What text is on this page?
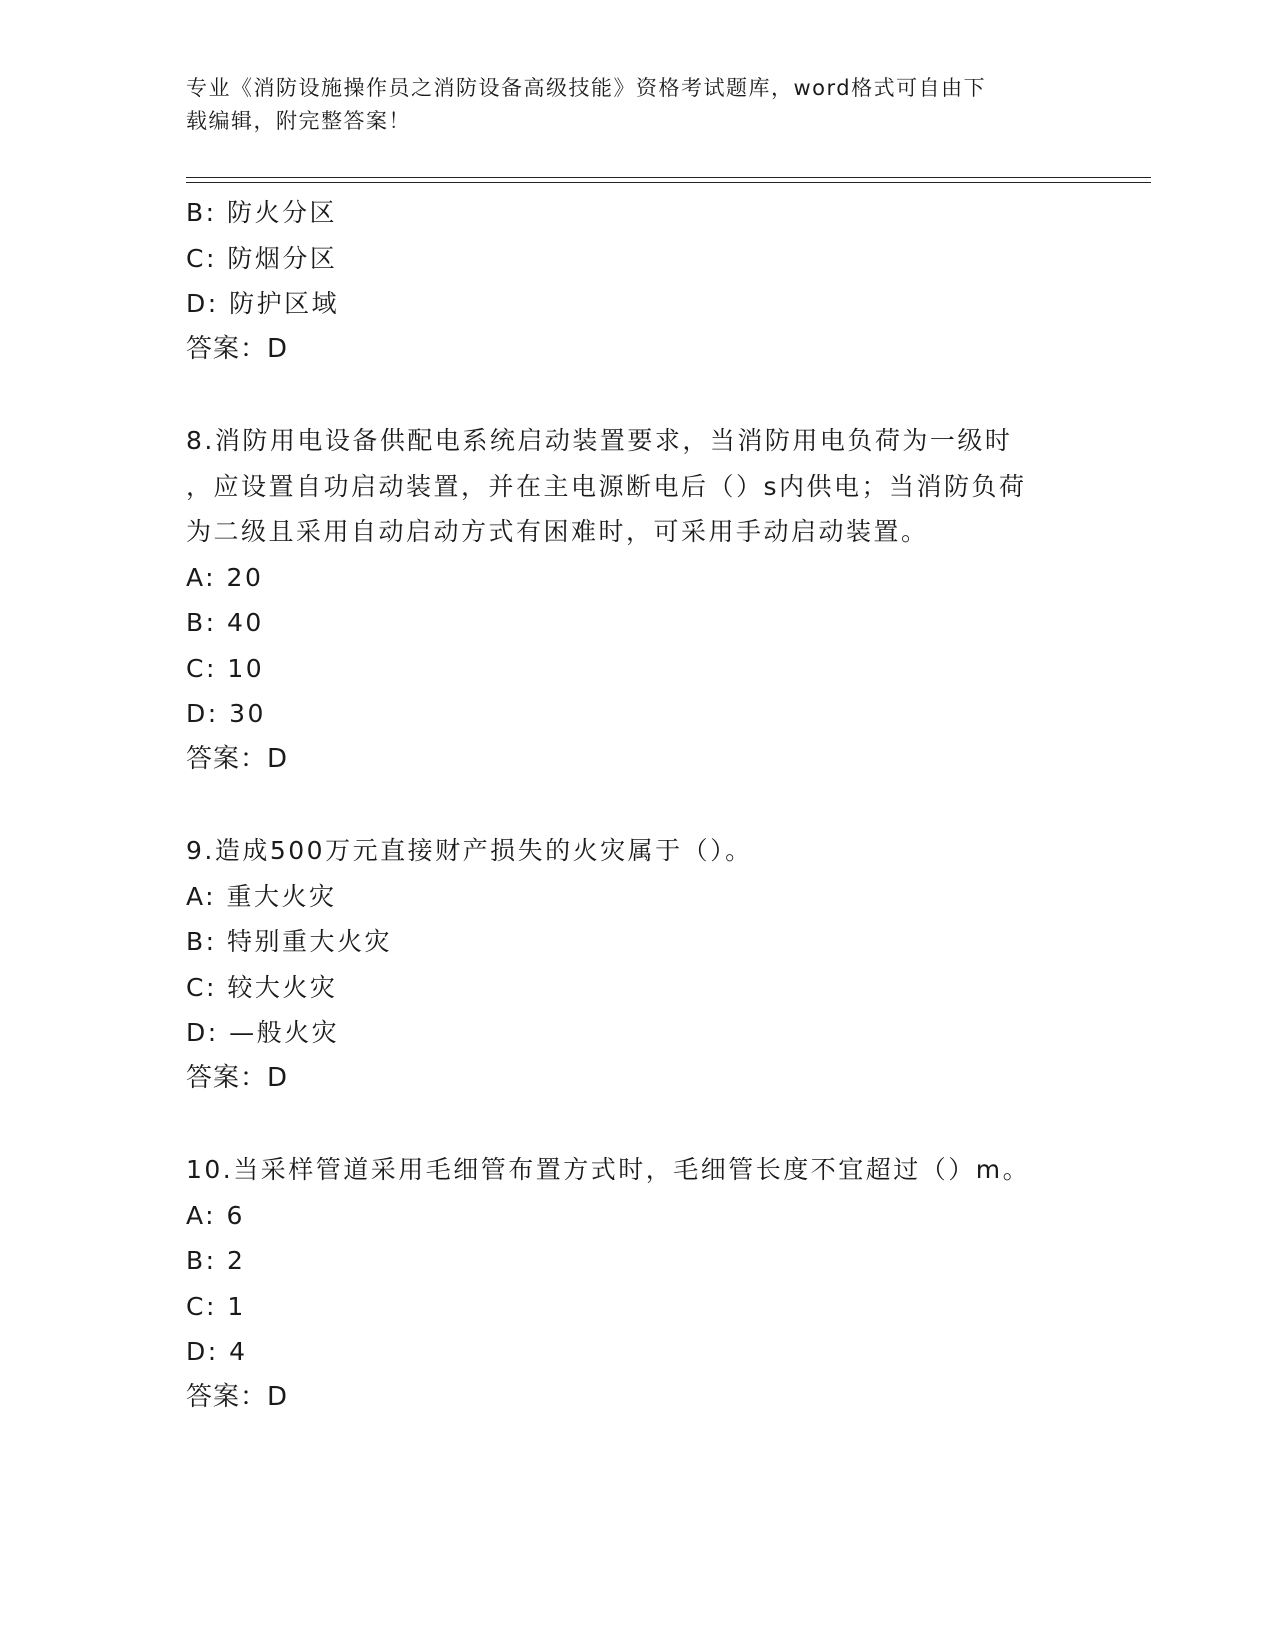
专业《消防设施操作员之消防设备高级技能》资格考试题库，word格式可自由下
载编辑，附完整答案！
B: 防火分区
C: 防烟分区
D: 防护区域
答案：D
8.消防用电设备供配电系统启动装置要求，当消防用电负荷为一级时
，应设置自功启动装置，并在主电源断电后（）s内供电；当消防负荷
为二级且采用自动启动方式有困难时，可采用手动启动装置。
A: 20
B: 40
C: 10
D: 30
答案：D
9.造成500万元直接财产损失的火灾属于（）。
A: 重大火灾
B: 特别重大火灾
C: 较大火灾
D: —般火灾
答案：D
10.当采样管道采用毛细管布置方式时，毛细管长度不宜超过（）m。
A: 6
B: 2
C: 1
D: 4
答案：D
